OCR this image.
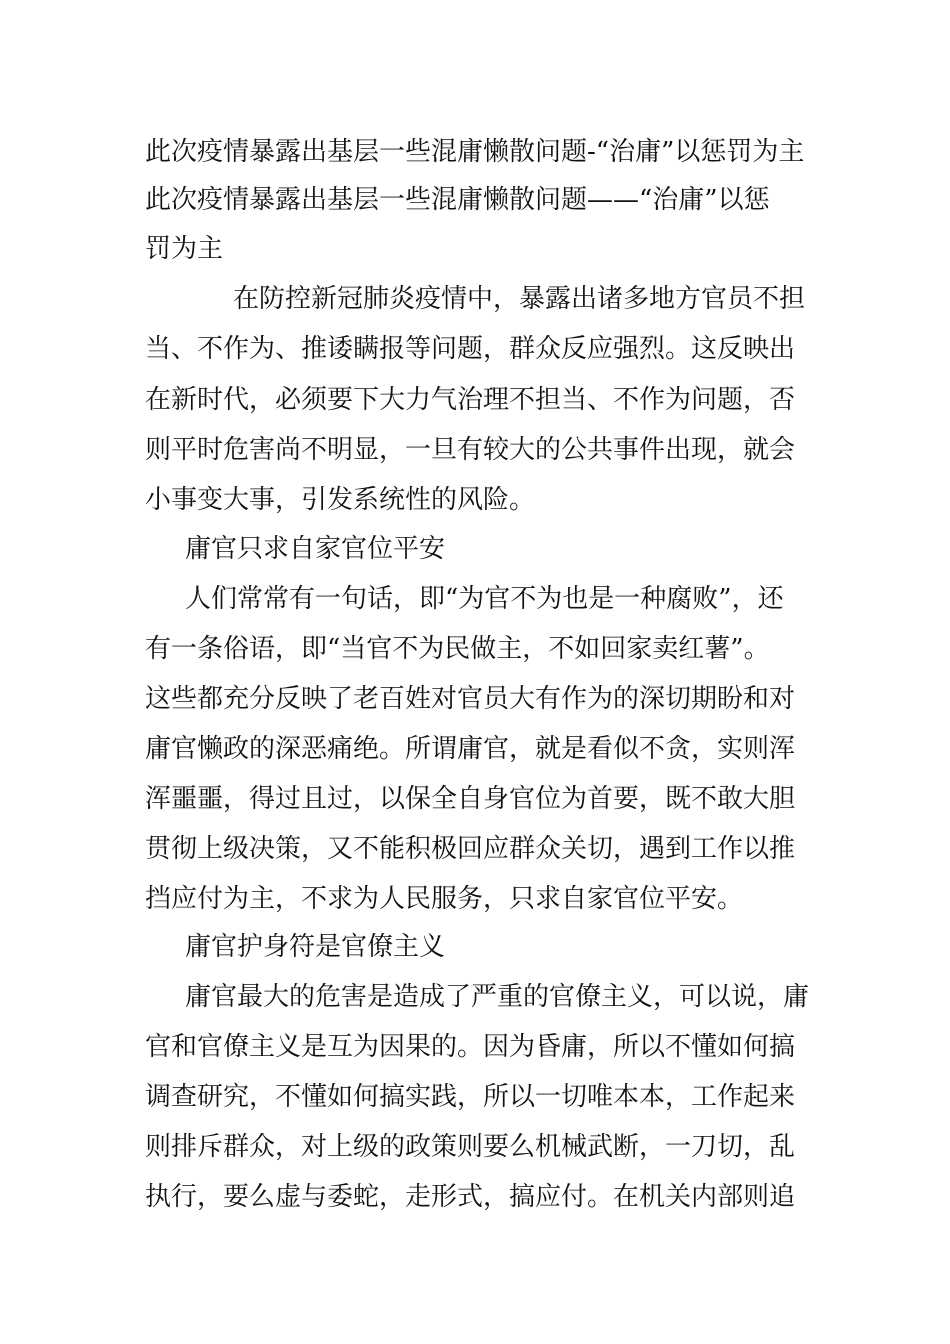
此次疫情暴露出基层一些混庸懒散问题-“治庸”以惩罚为主
此次疫情暴露出基层一些混庸懒散问题——“治庸”以惩
罚为主
在防控新冠肺炎疫情中，暴露出诸多地方官员不担
当、不作为、推诿瞒报等问题，群众反应强烈。这反映出
在新时代，必须要下大力气治理不担当、不作为问题，否
则平时危害尚不明显，一旦有较大的公共事件出现，就会
小事变大事，引发系统性的风险。
庸官只求自家官位平安
人们常常有一句话，即“为官不为也是一种腐败”，还
有一条俗语，即“当官不为民做主，不如回家卖红薯”。
这些都充分反映了老百姓对官员大有作为的深切期盼和对
庸官懒政的深恶痛绝。所谓庸官，就是看似不贪，实则浑
浑噩噩，得过且过，以保全自身官位为首要，既不敢大胆
贯彻上级决策，又不能积极回应群众关切，遇到工作以推
挡应付为主，不求为人民服务，只求自家官位平安。
庸官护身符是官僚主义
庸官最大的危害是造成了严重的官僚主义，可以说，庸
官和官僚主义是互为因果的。因为昏庸，所以不懂如何搞
调查研究，不懂如何搞实践，所以一切唯本本，工作起来
则排斥群众，对上级的政策则要么机械武断，一刀切，乱
执行，要么虚与委蛇，走形式，搞应付。在机关内部则追
